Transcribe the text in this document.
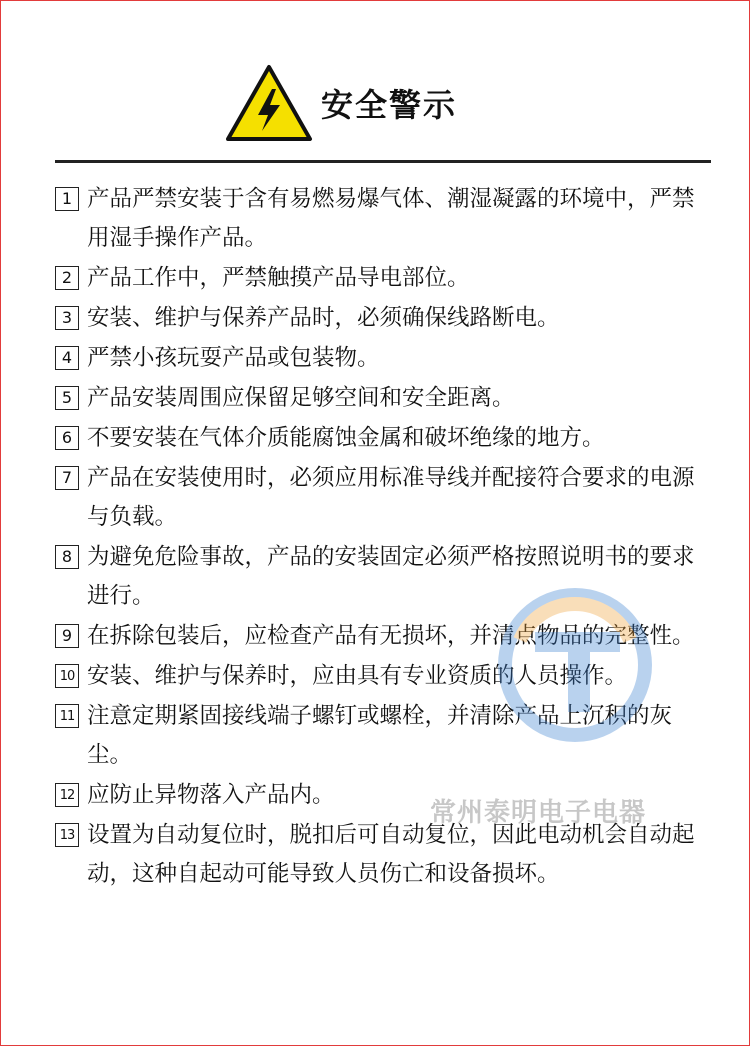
安全警示
1 产品严禁安装于含有易燃易爆气体、潮湿凝露的环境中，严禁用湿手操作产品。
2 产品工作中，严禁触摸产品导电部位。
3 安装、维护与保养产品时，必须确保线路断电。
4 严禁小孩玩耍产品或包装物。
5 产品安装周围应保留足够空间和安全距离。
6 不要安装在气体介质能腐蚀金属和破坏绝缘的地方。
7 产品在安装使用时，必须应用标准导线并配接符合要求的电源与负载。
8 为避免危险事故，产品的安装固定必须严格按照说明书的要求进行。
9 在拆除包装后，应检查产品有无损坏，并清点物品的完整性。
10 安装、维护与保养时，应由具有专业资质的人员操作。
11 注意定期紧固接线端子螺钉或螺栓，并清除产品上沉积的灰尘。
12 应防止异物落入产品内。
13 设置为自动复位时，脱扣后可自动复位，因此电动机会自动起动，这种自起动可能导致人员伤亡和设备损坏。
常州泰明电子电器
